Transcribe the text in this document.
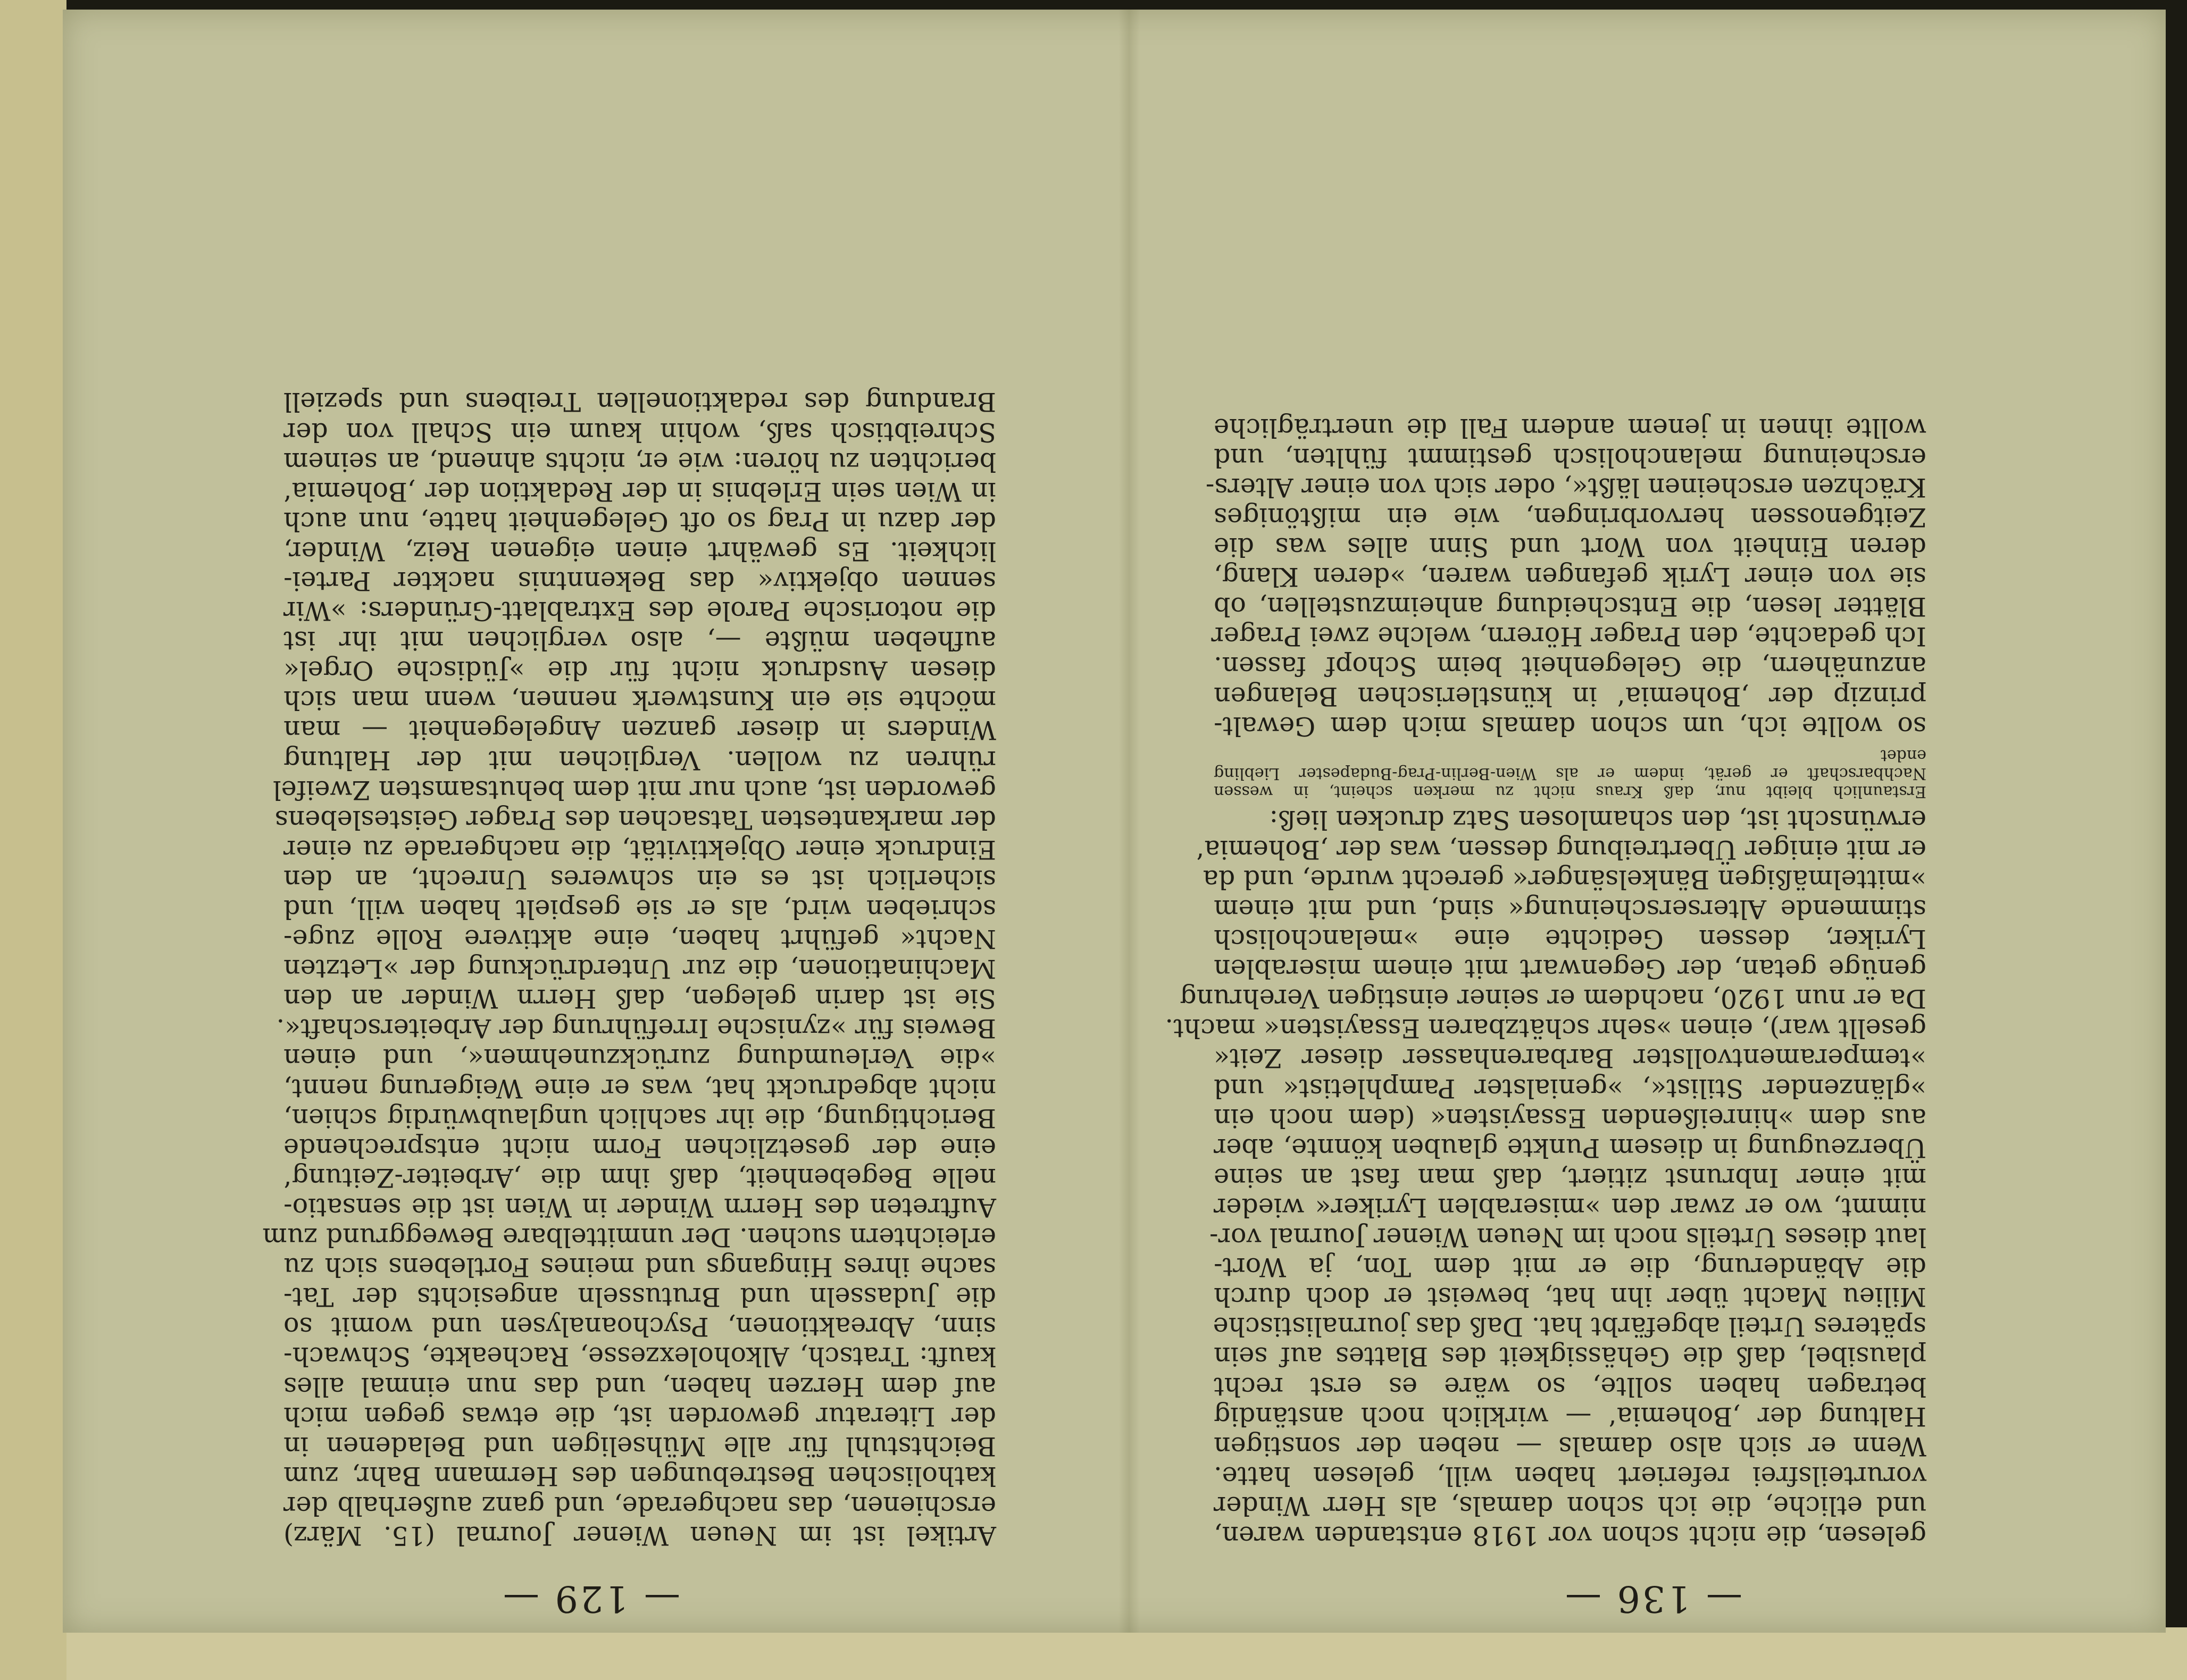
— 129 —
Artikel ist im Neuen Wiener Journal (15. März)
erschienen, das nachgerade, und ganz außerhalb der
katholischen Bestrebungen des Hermann Bahr, zum
Beichtstuhl für alle Mühseligen und Beladenen in
der Literatur geworden ist, die etwas gegen mich
auf dem Herzen haben, und das nun einmal alles
kauft: Tratsch, Alkoholexzesse, Racheakte, Schwach-
sinn, Abreaktionen, Psychoanalysen und womit so
die Judasseln und Brutusseln angesichts der Tat-
sache ihres Hingangs und meines Fortlebens sich zu
erleichtern suchen. Der unmittelbare Beweggrund zum
Auftreten des Herrn Winder in Wien ist die sensatio-
nelle Begebenheit, daß ihm die ‚Arbeiter-Zeitung‘
eine der gesetzlichen Form nicht entsprechende
Berichtigung, die ihr sachlich unglaubwürdig schien,
nicht abgedruckt hat, was er eine Weigerung nennt,
»die Verleumdung zurückzunehmen«, und einen
Beweis für »zynische Irreführung der Arbeiterschaft«.
Sie ist darin gelegen, daß Herrn Winder an den
Machinationen, die zur Unterdrückung der »Letzten
Nacht« geführt haben, eine aktivere Rolle zuge-
schrieben wird, als er sie gespielt haben will, und
sicherlich ist es ein schweres Unrecht, an den
Eindruck einer Objektivität, die nachgerade zu einer
der markantesten Tatsachen des Prager Geisteslebens
geworden ist, auch nur mit dem behutsamsten Zweifel
rühren zu wollen. Verglichen mit der Haltung
Winders in dieser ganzen Angelegenheit — man
möchte sie ein Kunstwerk nennen, wenn man sich
diesen Ausdruck nicht für die »Jüdische Orgel«
aufheben müßte —, also verglichen mit ihr ist
die notorische Parole des Extrablatt-Gründers: »Wir
sennen objektiv« das Bekenntnis nackter Partei-
lichkeit. Es gewährt einen eigenen Reiz, Winder,
der dazu in Prag so oft Gelegenheit hatte, nun auch
in Wien sein Erlebnis in der Redaktion der ‚Bohemia‘
berichten zu hören: wie er, nichts ahnend, an seinem
Schreibtisch saß, wohin kaum ein Schall von der
Brandung des redaktionellen Treibens und speziell
— 136 —
gelesen, die nicht schon vor 1918 entstanden waren,
und etliche, die ich schon damals, als Herr Winder
vorurteilsfrei referiert haben will, gelesen hatte.
Wenn er sich also damals — neben der sonstigen
Haltung der ‚Bohemia‘ — wirklich noch anständig
betragen haben sollte, so wäre es erst recht
plausibel, daß die Gehässigkeit des Blattes auf sein
späteres Urteil abgefärbt hat. Daß das journalistische
Milieu Macht über ihn hat, beweist er doch durch
die Abänderung, die er mit dem Ton, ja Wort-
laut dieses Urteils noch im Neuen Wiener Journal vor-
nimmt, wo er zwar den »miserablen Lyriker« wieder
mit einer Inbrunst zitiert, daß man fast an seine
Überzeugung in diesem Punkte glauben könnte, aber
aus dem »hinreißenden Essayisten« (dem noch ein
»glänzender Stilist«, »genialster Pamphletist« und
»temperamentvollster Barbarenhasser dieser Zeit«
gesellt war), einen »sehr schätzbaren Essayisten« macht.
Da er nun 1920, nachdem er seiner einstigen Verehrung
genüge getan, der Gegenwart mit einem miserablen
Lyriker, dessen Gedichte eine »melancholisch
stimmende Alterserscheinung« sind, und mit einem
»mittelmäßigen Bänkelsänger« gerecht wurde, und da
er mit einiger Übertreibung dessen, was der ‚Bohemia‘
erwünscht ist, den schamlosen Satz drucken ließ:
Erstaunlich bleibt nur, daß Kraus nicht zu merken scheint, in wessen
Nachbarschaft er gerät, indem er als Wien-Berlin-Prag-Budapester Liebling
endet
so wollte ich, um schon damals mich dem Gewalt-
prinzip der ‚Bohemia‘ in künstlerischen Belangen
anzunähern, die Gelegenheit beim Schopf fassen.
Ich gedachte, den Prager Hörern, welche zwei Prager
Blätter lesen, die Entscheidung anheimzustellen, ob
sie von einer Lyrik gefangen waren, »deren Klang,
deren Einheit von Wort und Sinn alles was die
Zeitgenossen hervorbringen, wie ein mißtöniges
Krächzen erscheinen läßt«, oder sich von einer Alters-
erscheinung melancholisch gestimmt fühlten, und
wollte ihnen in jenem andern Fall die unerträgliche
